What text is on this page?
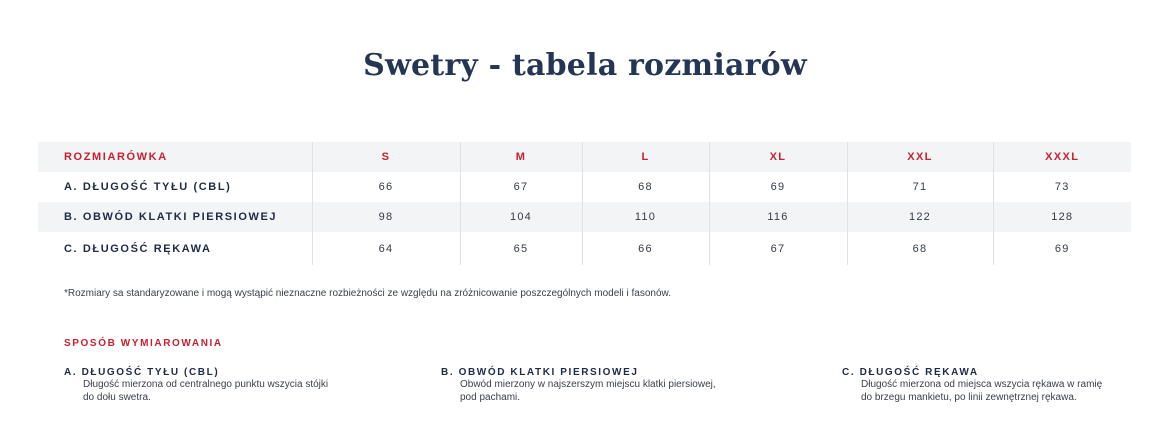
Swetry - tabela rozmiarów
ROZMIARÓWKA	S	M	L	XL	XXL	XXXL
A. DŁUGOŚĆ TYŁU (CBL)	66	67	68	69	71	73
B. OBWÓD KLATKI PIERSIOWEJ	98	104	110	116	122	128
C. DŁUGOŚĆ RĘKAWA	64	65	66	67	68	69
*Rozmiary sa standaryzowane i mogą wystąpić nieznaczne rozbieżności ze względu na zróżnicowanie poszczególnych modeli i fasonów.
SPOSÓB WYMIAROWANIA
A. DŁUGOŚĆ TYŁU (CBL)
Długość mierzona od centralnego punktu wszycia stójki
do dołu swetra.
B. OBWÓD KLATKI PIERSIOWEJ
Obwód mierzony w najszerszym miejscu klatki piersiowej,
pod pachami.
C. DŁUGOŚĆ RĘKAWA
Długość mierzona od miejsca wszycia rękawa w ramię
do brzegu mankietu, po linii zewnętrznej rękawa.
